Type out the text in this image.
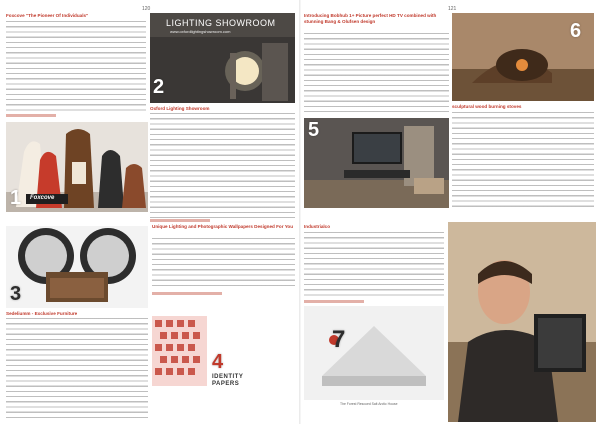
120	121
Foxcove "The Pioneer Of Individuals"
Foxcove
1
LIGHTING SHOWROOM
www.oxfordlightingshowroom.com
2
Oxford Lighting Showroom
3
Sedeliumm - Exclusive Furniture
Unique Lighting and Photographic Wallpapers Designed For You
4
IDENTITY
PAPERS
Introducing Bobhub 1+ Picture perfect HD TV combined with stunning Bang & Olufsen design
5
6
sculptural wood burning stoves
Industrialco
7
The Forest Rescued Salt Arctic House
